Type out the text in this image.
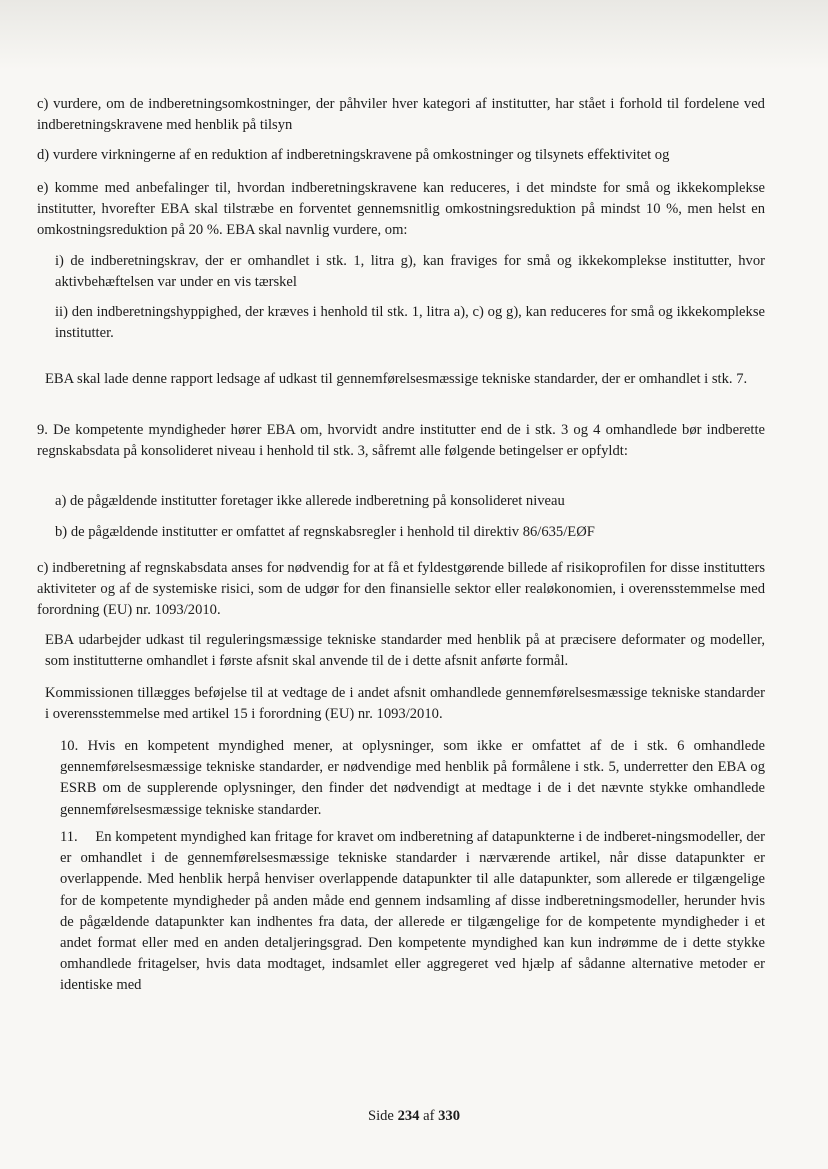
c) vurdere, om de indberetningsomkostninger, der påhviler hver kategori af institutter, har stået i forhold til fordelene ved indberetningskravene med henblik på tilsyn
d) vurdere virkningerne af en reduktion af indberetningskravene på omkostninger og tilsynets effektivitet og
e) komme med anbefalinger til, hvordan indberetningskravene kan reduceres, i det mindste for små og ikkekomplekse institutter, hvorefter EBA skal tilstræbe en forventet gennemsnitlig omkostningsreduktion på mindst 10 %, men helst en omkostningsreduktion på 20 %. EBA skal navnlig vurdere, om:
i) de indberetningskrav, der er omhandlet i stk. 1, litra g), kan fraviges for små og ikkekomplekse institutter, hvor aktivbehæftelsen var under en vis tærskel
ii) den indberetningshyppighed, der kræves i henhold til stk. 1, litra a), c) og g), kan reduceres for små og ikkekomplekse institutter.
EBA skal lade denne rapport ledsage af udkast til gennemførelsesmæssige tekniske standarder, der er omhandlet i stk. 7.
9. De kompetente myndigheder hører EBA om, hvorvidt andre institutter end de i stk. 3 og 4 omhandlede bør indberette regnskabsdata på konsolideret niveau i henhold til stk. 3, såfremt alle følgende betingelser er opfyldt:
a) de pågældende institutter foretager ikke allerede indberetning på konsolideret niveau
b) de pågældende institutter er omfattet af regnskabsregler i henhold til direktiv 86/635/EØF
c) indberetning af regnskabsdata anses for nødvendig for at få et fyldestgørende billede af risikoprofilen for disse institutters aktiviteter og af de systemiske risici, som de udgør for den finansielle sektor eller realøkonomien, i overensstemmelse med forordning (EU) nr. 1093/2010.
EBA udarbejder udkast til reguleringsmæssige tekniske standarder med henblik på at præcisere deformater og modeller, som institutterne omhandlet i første afsnit skal anvende til de i dette afsnit anførte formål.
Kommissionen tillægges beføjelse til at vedtage de i andet afsnit omhandlede gennemførelsesmæssige tekniske standarder i overensstemmelse med artikel 15 i forordning (EU) nr. 1093/2010.
10. Hvis en kompetent myndighed mener, at oplysninger, som ikke er omfattet af de i stk. 6 omhandlede gennemførelsesmæssige tekniske standarder, er nødvendige med henblik på formålene i stk. 5, underretter den EBA og ESRB om de supplerende oplysninger, den finder det nødvendigt at medtage i de i det nævnte stykke omhandlede gennemførelsesmæssige tekniske standarder.
11. En kompetent myndighed kan fritage for kravet om indberetning af datapunkterne i de indberet-ningsmodeller, der er omhandlet i de gennemførelsesmæssige tekniske standarder i nærværende artikel, når disse datapunkter er overlappende. Med henblik herpå henviser overlappende datapunkter til alle datapunkter, som allerede er tilgængelige for de kompetente myndigheder på anden måde end gennem indsamling af disse indberetningsmodeller, herunder hvis de pågældende datapunkter kan indhentes fra data, der allerede er tilgængelige for de kompetente myndigheder i et andet format eller med en anden detaljeringsgrad. Den kompetente myndighed kan kun indrømme de i dette stykke omhandlede fritagelser, hvis data modtaget, indsamlet eller aggregeret ved hjælp af sådanne alternative metoder er identiske med
Side 234 af 330
